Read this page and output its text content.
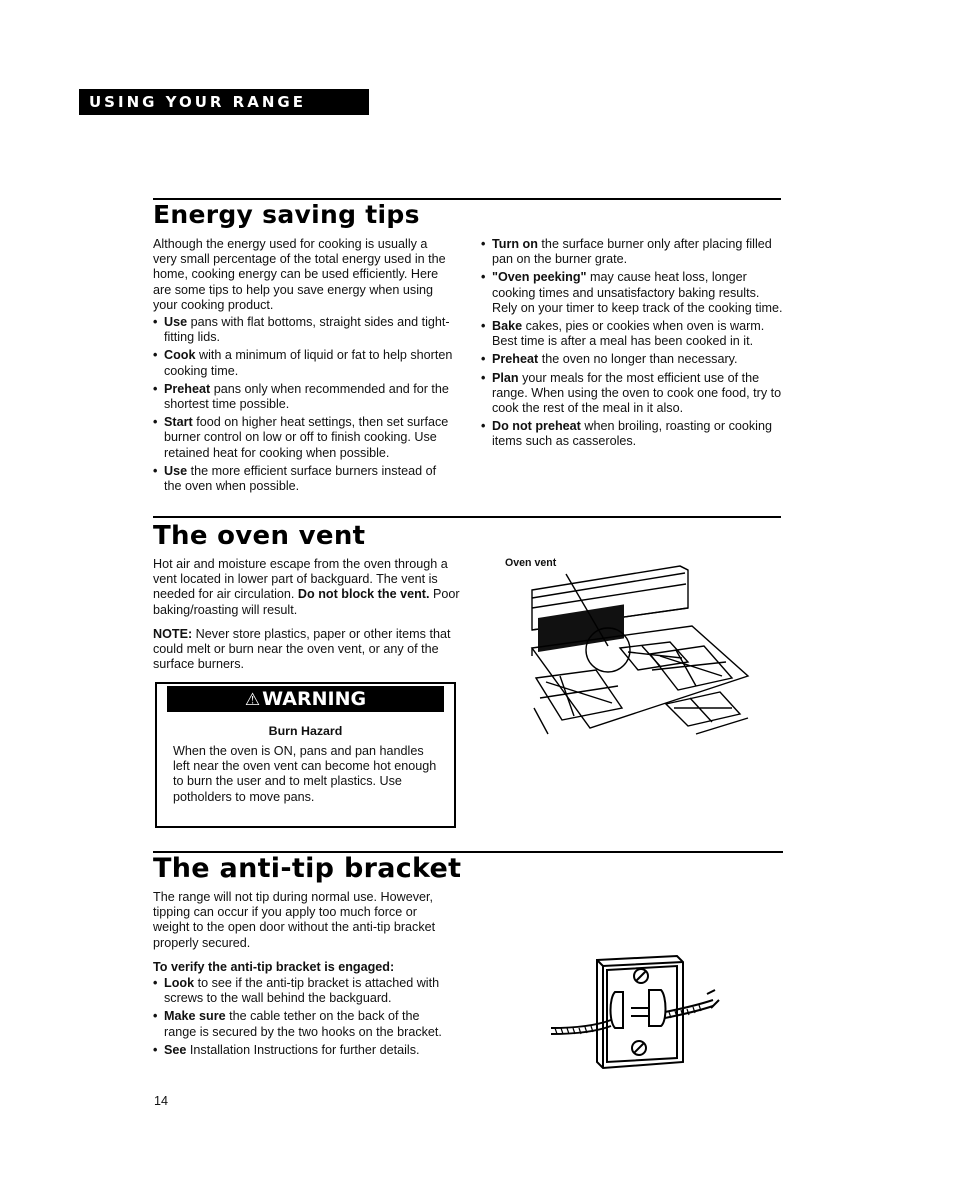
USING YOUR RANGE
Energy saving tips

Although the energy used for cooking is usually a very small percentage of the total energy used in the home, cooking energy can be used efficiently. Here are some tips to help you save energy when using your cooking product.

• Use pans with flat bottoms, straight sides and tight-fitting lids.
• Cook with a minimum of liquid or fat to help shorten cooking time.
• Preheat pans only when recommended and for the shortest time possible.
• Start food on higher heat settings, then set surface burner control on low or off to finish cooking. Use retained heat for cooking when possible.
• Use the more efficient surface burners instead of the oven when possible.
• Turn on the surface burner only after placing filled pan on the burner grate.
• "Oven peeking" may cause heat loss, longer cooking times and unsatisfactory baking results. Rely on your timer to keep track of the cooking time.
• Bake cakes, pies or cookies when oven is warm. Best time is after a meal has been cooked in it.
• Preheat the oven no longer than necessary.
• Plan your meals for the most efficient use of the range. When using the oven to cook one food, try to cook the rest of the meal in it also.
• Do not preheat when broiling, roasting or cooking items such as casseroles.
The oven vent

Hot air and moisture escape from the oven through a vent located in lower part of backguard. The vent is needed for air circulation. Do not block the vent. Poor baking/roasting will result.

NOTE: Never store plastics, paper or other items that could melt or burn near the oven vent, or any of the surface burners.

⚠ WARNING
Burn Hazard
When the oven is ON, pans and pan handles left near the oven vent can become hot enough to burn the user and to melt plastics. Use potholders to move pans.
Oven vent
The anti-tip bracket

The range will not tip during normal use. However, tipping can occur if you apply too much force or weight to the open door without the anti-tip bracket properly secured.

To verify the anti-tip bracket is engaged:
• Look to see if the anti-tip bracket is attached with screws to the wall behind the backguard.
• Make sure the cable tether on the back of the range is secured by the two hooks on the bracket.
• See Installation Instructions for further details.
14
